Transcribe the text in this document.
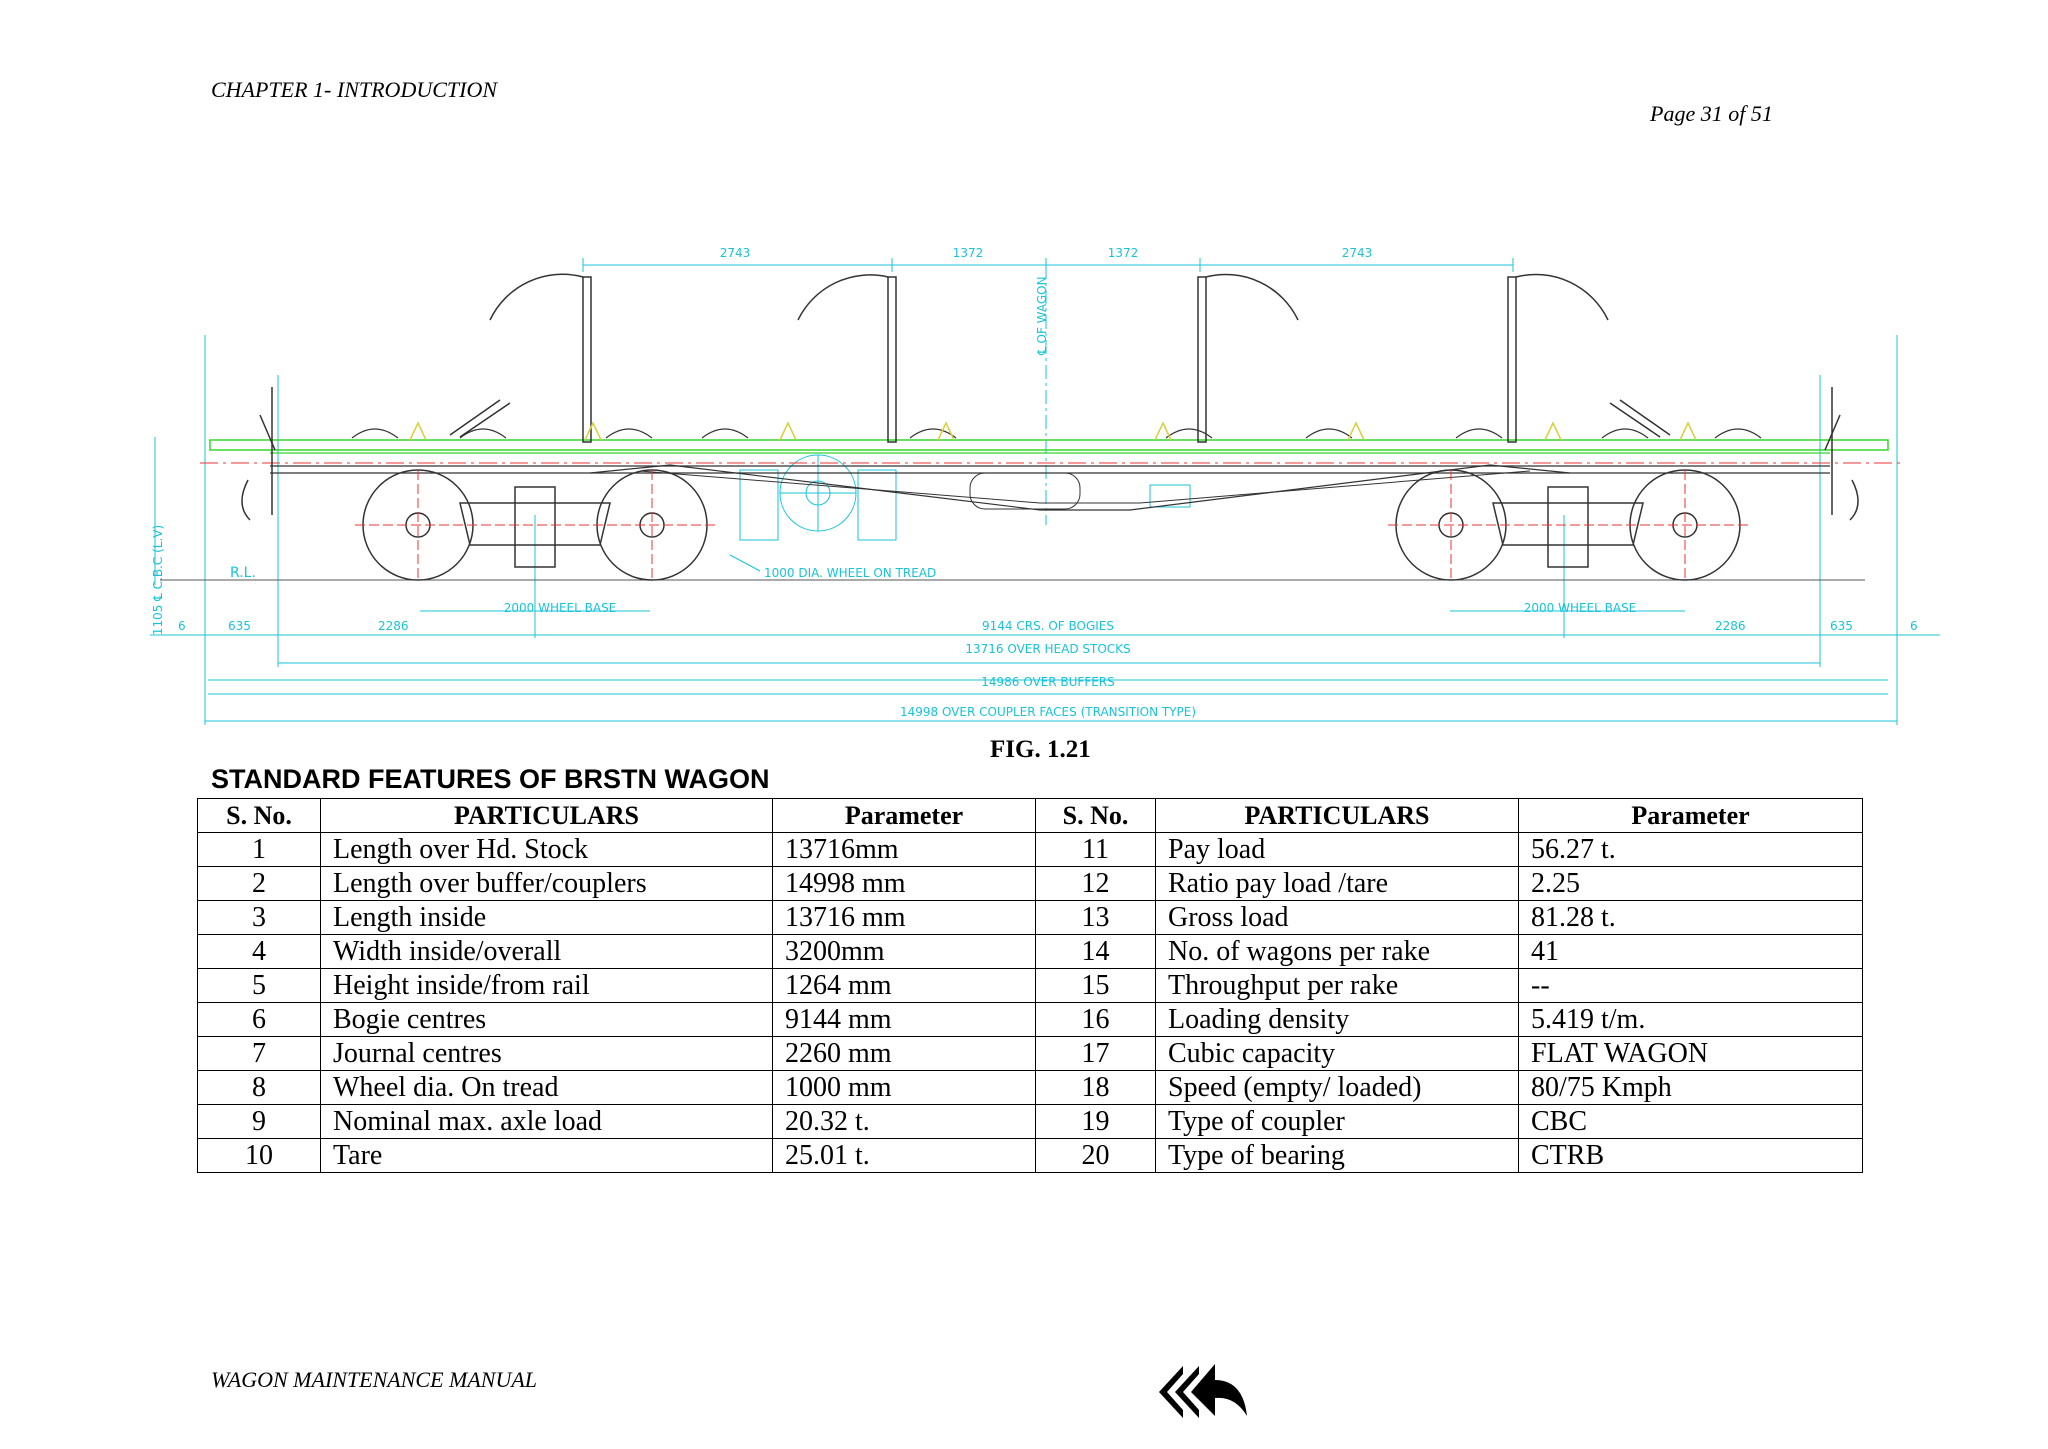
CHAPTER 1- INTRODUCTION
Page 31 of 51
2743	1372	1372	2743
℄ OF WAGON
1105 ℄ C.B.C (L.V)	R.L.	1000 DIA. WHEEL ON TREAD
2000 WHEEL BASE	2000 WHEEL BASE
6	635	2286	9144 CRS. OF BOGIES	2286	635	6
13716 OVER HEAD STOCKS
14986 OVER BUFFERS
14998 OVER COUPLER FACES (TRANSITION TYPE)
FIG. 1.21
STANDARD FEATURES OF BRSTN WAGON
S. No.	PARTICULARS	Parameter	S. No.	PARTICULARS	Parameter
1	Length over Hd. Stock	13716mm	11	Pay load	56.27 t.
2	Length over buffer/couplers	14998 mm	12	Ratio pay load /tare	2.25
3	Length inside	13716 mm	13	Gross load	81.28 t.
4	Width inside/overall	3200mm	14	No. of wagons per rake	41
5	Height inside/from rail	1264 mm	15	Throughput per rake	--
6	Bogie centres	9144 mm	16	Loading density	5.419 t/m.
7	Journal centres	2260 mm	17	Cubic capacity	FLAT WAGON
8	Wheel dia. On tread	1000 mm	18	Speed (empty/ loaded)	80/75 Kmph
9	Nominal max. axle load	20.32 t.	19	Type of coupler	CBC
10	Tare	25.01 t.	20	Type of bearing	CTRB
WAGON MAINTENANCE MANUAL
